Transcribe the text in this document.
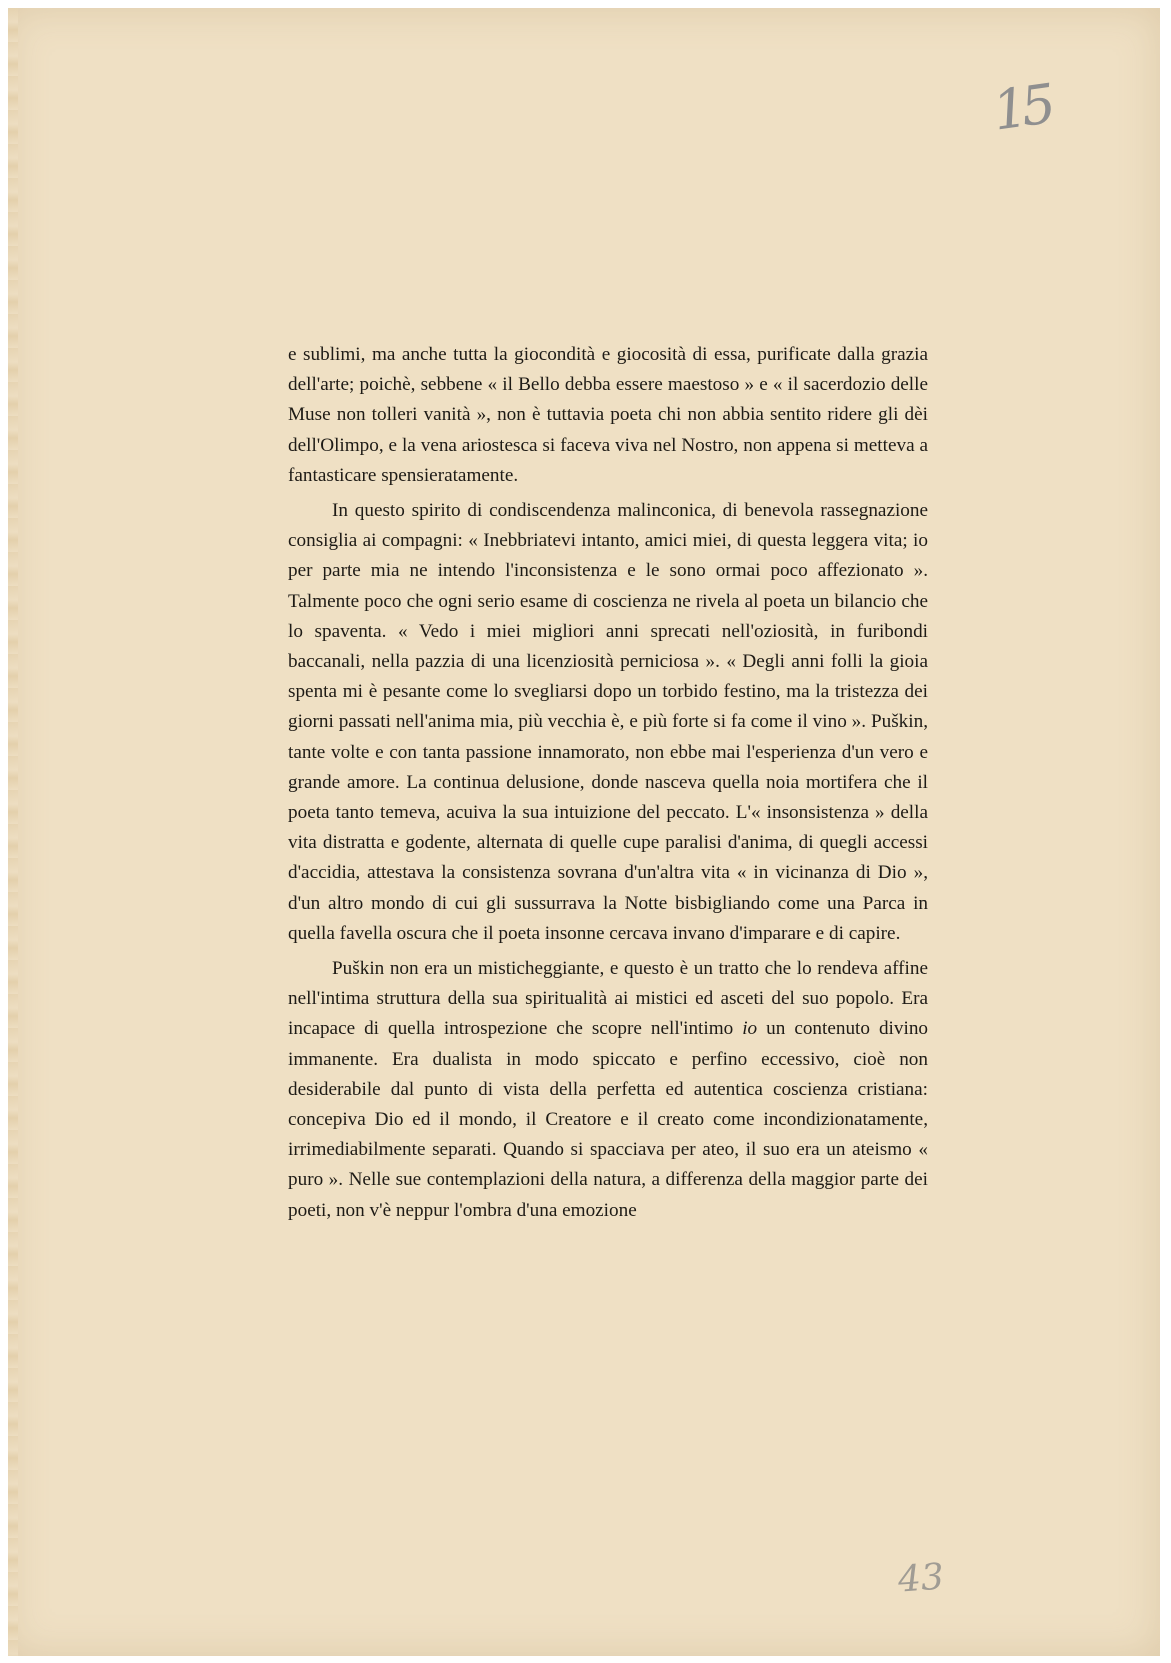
15

e sublimi, ma anche tutta la giocondità e giocosità di essa, purificate dalla grazia dell'arte; poichè, sebbene « il Bello debba essere maestoso » e « il sacerdozio delle Muse non tolleri vanità », non è tuttavia poeta chi non abbia sentito ridere gli dèi dell'Olimpo, e la vena ariostesca si faceva viva nel Nostro, non appena si metteva a fantasticare spensieratamente.

In questo spirito di condiscendenza malinconica, di benevola rassegnazione consiglia ai compagni: « Inebbriatevi intanto, amici miei, di questa leggera vita; io per parte mia ne intendo l'inconsistenza e le sono ormai poco affezionato ». Talmente poco che ogni serio esame di coscienza ne rivela al poeta un bilancio che lo spaventa. « Vedo i miei migliori anni sprecati nell'oziosità, in furibondi baccanali, nella pazzia di una licenziosità perniciosa ». « Degli anni folli la gioia spenta mi è pesante come lo svegliarsi dopo un torbido festino, ma la tristezza dei giorni passati nell'anima mia, più vecchia è, e più forte si fa come il vino ». Puškin, tante volte e con tanta passione innamorato, non ebbe mai l'esperienza d'un vero e grande amore. La continua delusione, donde nasceva quella noia mortifera che il poeta tanto temeva, acuiva la sua intuizione del peccato. L'« insonsistenza » della vita distratta e godente, alternata di quelle cupe paralisi d'anima, di quegli accessi d'accidia, attestava la consistenza sovrana d'un'altra vita « in vicinanza di Dio », d'un altro mondo di cui gli sussurrava la Notte bisbigliando come una Parca in quella favella oscura che il poeta insonne cercava invano d'imparare e di capire.

Puškin non era un misticheggiante, e questo è un tratto che lo rendeva affine nell'intima struttura della sua spiritualità ai mistici ed asceti del suo popolo. Era incapace di quella introspezione che scopre nell'intimo io un contenuto divino immanente. Era dualista in modo spiccato e perfino eccessivo, cioè non desiderabile dal punto di vista della perfetta ed autentica coscienza cristiana: concepiva Dio ed il mondo, il Creatore e il creato come incondizionatamente, irrimediabilmente separati. Quando si spacciava per ateo, il suo era un ateismo « puro ». Nelle sue contemplazioni della natura, a differenza della maggior parte dei poeti, non v'è neppur l'ombra d'una emozione

43
